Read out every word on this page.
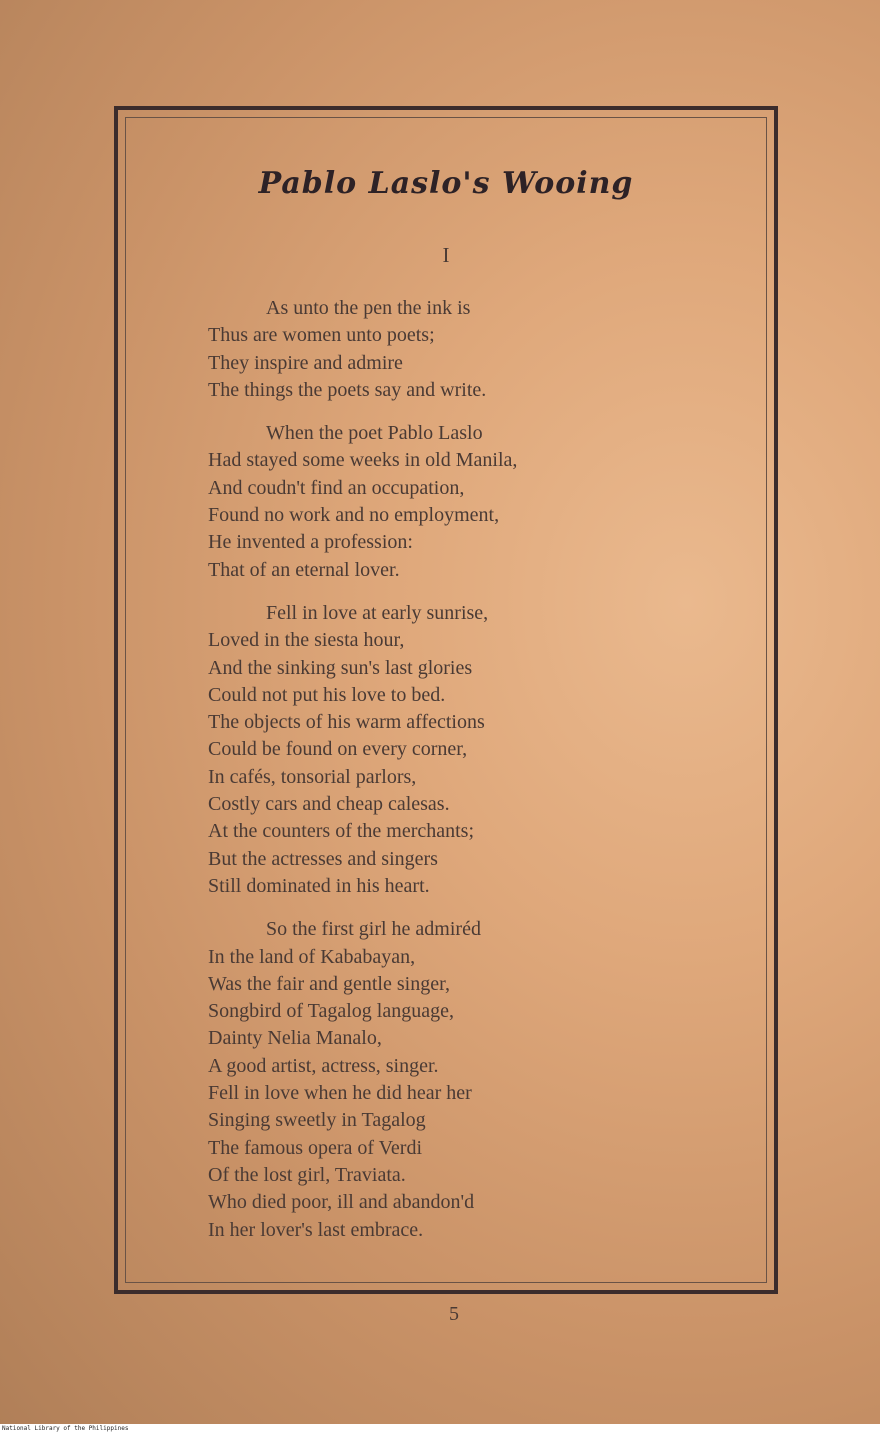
Pablo Laslo's Wooing
I

As unto the pen the ink is
Thus are women unto poets;
They inspire and admire
The things the poets say and write.

When the poet Pablo Laslo
Had stayed some weeks in old Manila,
And coudn't find an occupation,
Found no work and no employment,
He invented a profession:
That of an eternal lover.

Fell in love at early sunrise,
Loved in the siesta hour,
And the sinking sun's last glories
Could not put his love to bed.
The objects of his warm affections
Could be found on every corner,
In cafés, tonsorial parlors,
Costly cars and cheap calesas.
At the counters of the merchants;
But the actresses and singers
Still dominated in his heart.

So the first girl he admiréd
In the land of Kababayan,
Was the fair and gentle singer,
Songbird of Tagalog language,
Dainty Nelia Manalo,
A good artist, actress, singer.
Fell in love when he did hear her
Singing sweetly in Tagalog
The famous opera of Verdi
Of the lost girl, Traviata.
Who died poor, ill and abandon'd
In her lover's last embrace.

5
National Library of the Philippines
